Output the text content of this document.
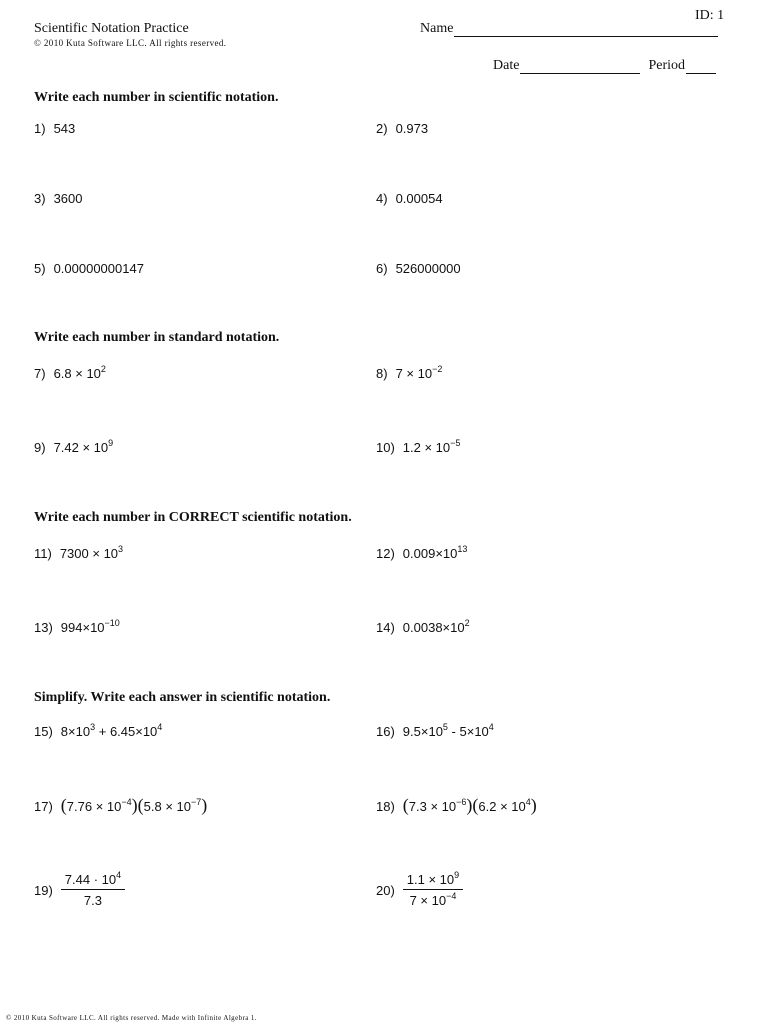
ID: 1
Scientific Notation Practice
© 2010 Kuta Software LLC. All rights reserved.
Name
Date	Period
Write each number in scientific notation.
1) 543	2) 0.973
3) 3600	4) 0.00054
5) 0.00000000147	6) 526000000
Write each number in standard notation.
7) $6.8 \times 10^2$	8) $7 \times 10^{-2}$
9) $7.42 \times 10^9$	10) $1.2 \times 10^{-5}$
Write each number in CORRECT scientific notation.
11) $7300 \times 10^3$	12) $0.009\times 10^{13}$
13) $994\times 10^{-10}$	14) $0.0038\times 10^2$
Simplify. Write each answer in scientific notation.
15) $8\times 10^3 + 6.45\times 10^4$	16) $9.5\times 10^5 - 5\times 10^4$
17) $(7.76 \times 10^{-4})(5.8 \times 10^{-7})$	18) $(7.3 \times 10^{-6})(6.2 \times 10^4)$
$19) \frac{7.44 \cdot 10^4}{7.3}$	$20) \frac{1.1 \times 10^9}{7 \times 10^{-4}}$
© 2010 Kuta Software LLC. All rights reserved. Made with Infinite Algebra 1.
